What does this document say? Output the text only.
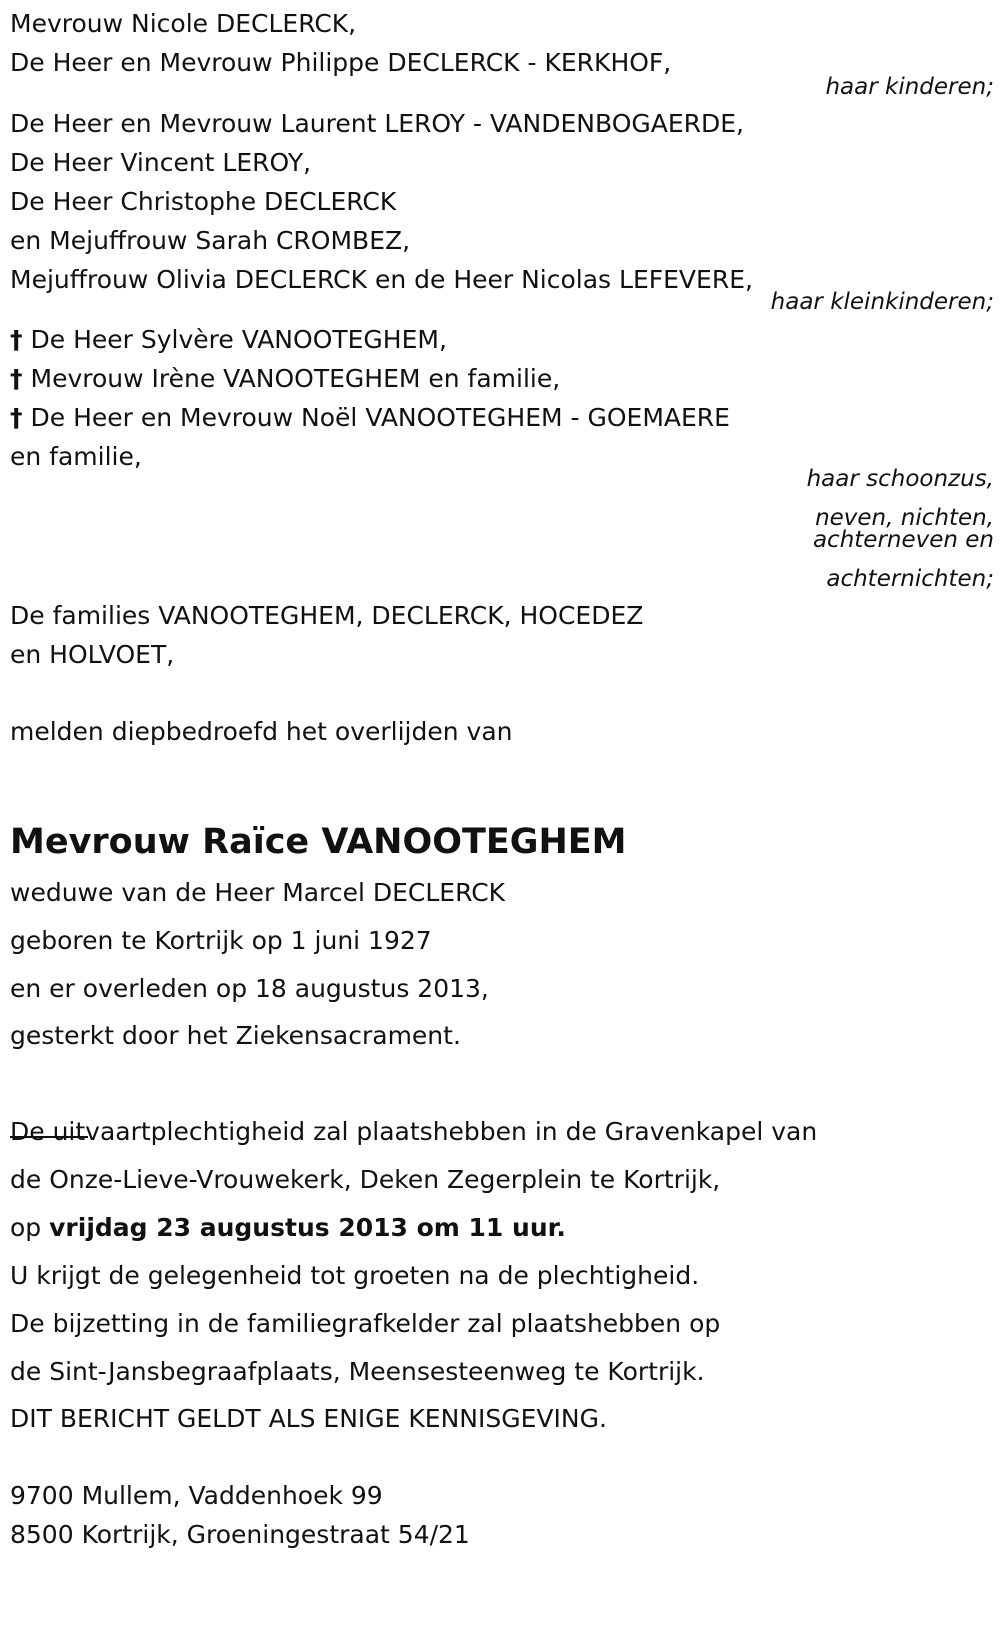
Mevrouw Nicole DECLERCK,
De Heer en Mevrouw Philippe DECLERCK - KERKHOF,
haar kinderen;
De Heer en Mevrouw Laurent LEROY - VANDENBOGAERDE,
De Heer Vincent LEROY,
De Heer Christophe DECLERCK
en Mejuffrouw Sarah CROMBEZ,
Mejuffrouw Olivia DECLERCK en de Heer Nicolas LEFEVERE,
haar kleinkinderen;
† De Heer Sylvère VANOOTEGHEM,
† Mevrouw Irène VANOOTEGHEM en familie,
† De Heer en Mevrouw Noël VANOOTEGHEM - GOEMAERE
en familie,
haar schoonzus,
neven, nichten,
achterneven en
achternichten;
De families VANOOTEGHEM, DECLERCK, HOCEDEZ
en HOLVOET,
melden diepbedroefd het overlijden van
Mevrouw Raïce VANOOTEGHEM
weduwe van de Heer Marcel DECLERCK
geboren te Kortrijk op 1 juni 1927
en er overleden op 18 augustus 2013,
gesterkt door het Ziekensacrament.
De uitvaartplechtigheid zal plaatshebben in de Gravenkapel van
de Onze-Lieve-Vrouwekerk, Deken Zegerplein te Kortrijk,
op vrijdag 23 augustus 2013 om 11 uur.
U krijgt de gelegenheid tot groeten na de plechtigheid.
De bijzetting in de familiegrafkelder zal plaatshebben op
de Sint-Jansbegraafplaats, Meensesteenweg te Kortrijk.
DIT BERICHT GELDT ALS ENIGE KENNISGEVING.
9700 Mullem, Vaddenhoek 99
8500 Kortrijk, Groeningestraat 54/21
